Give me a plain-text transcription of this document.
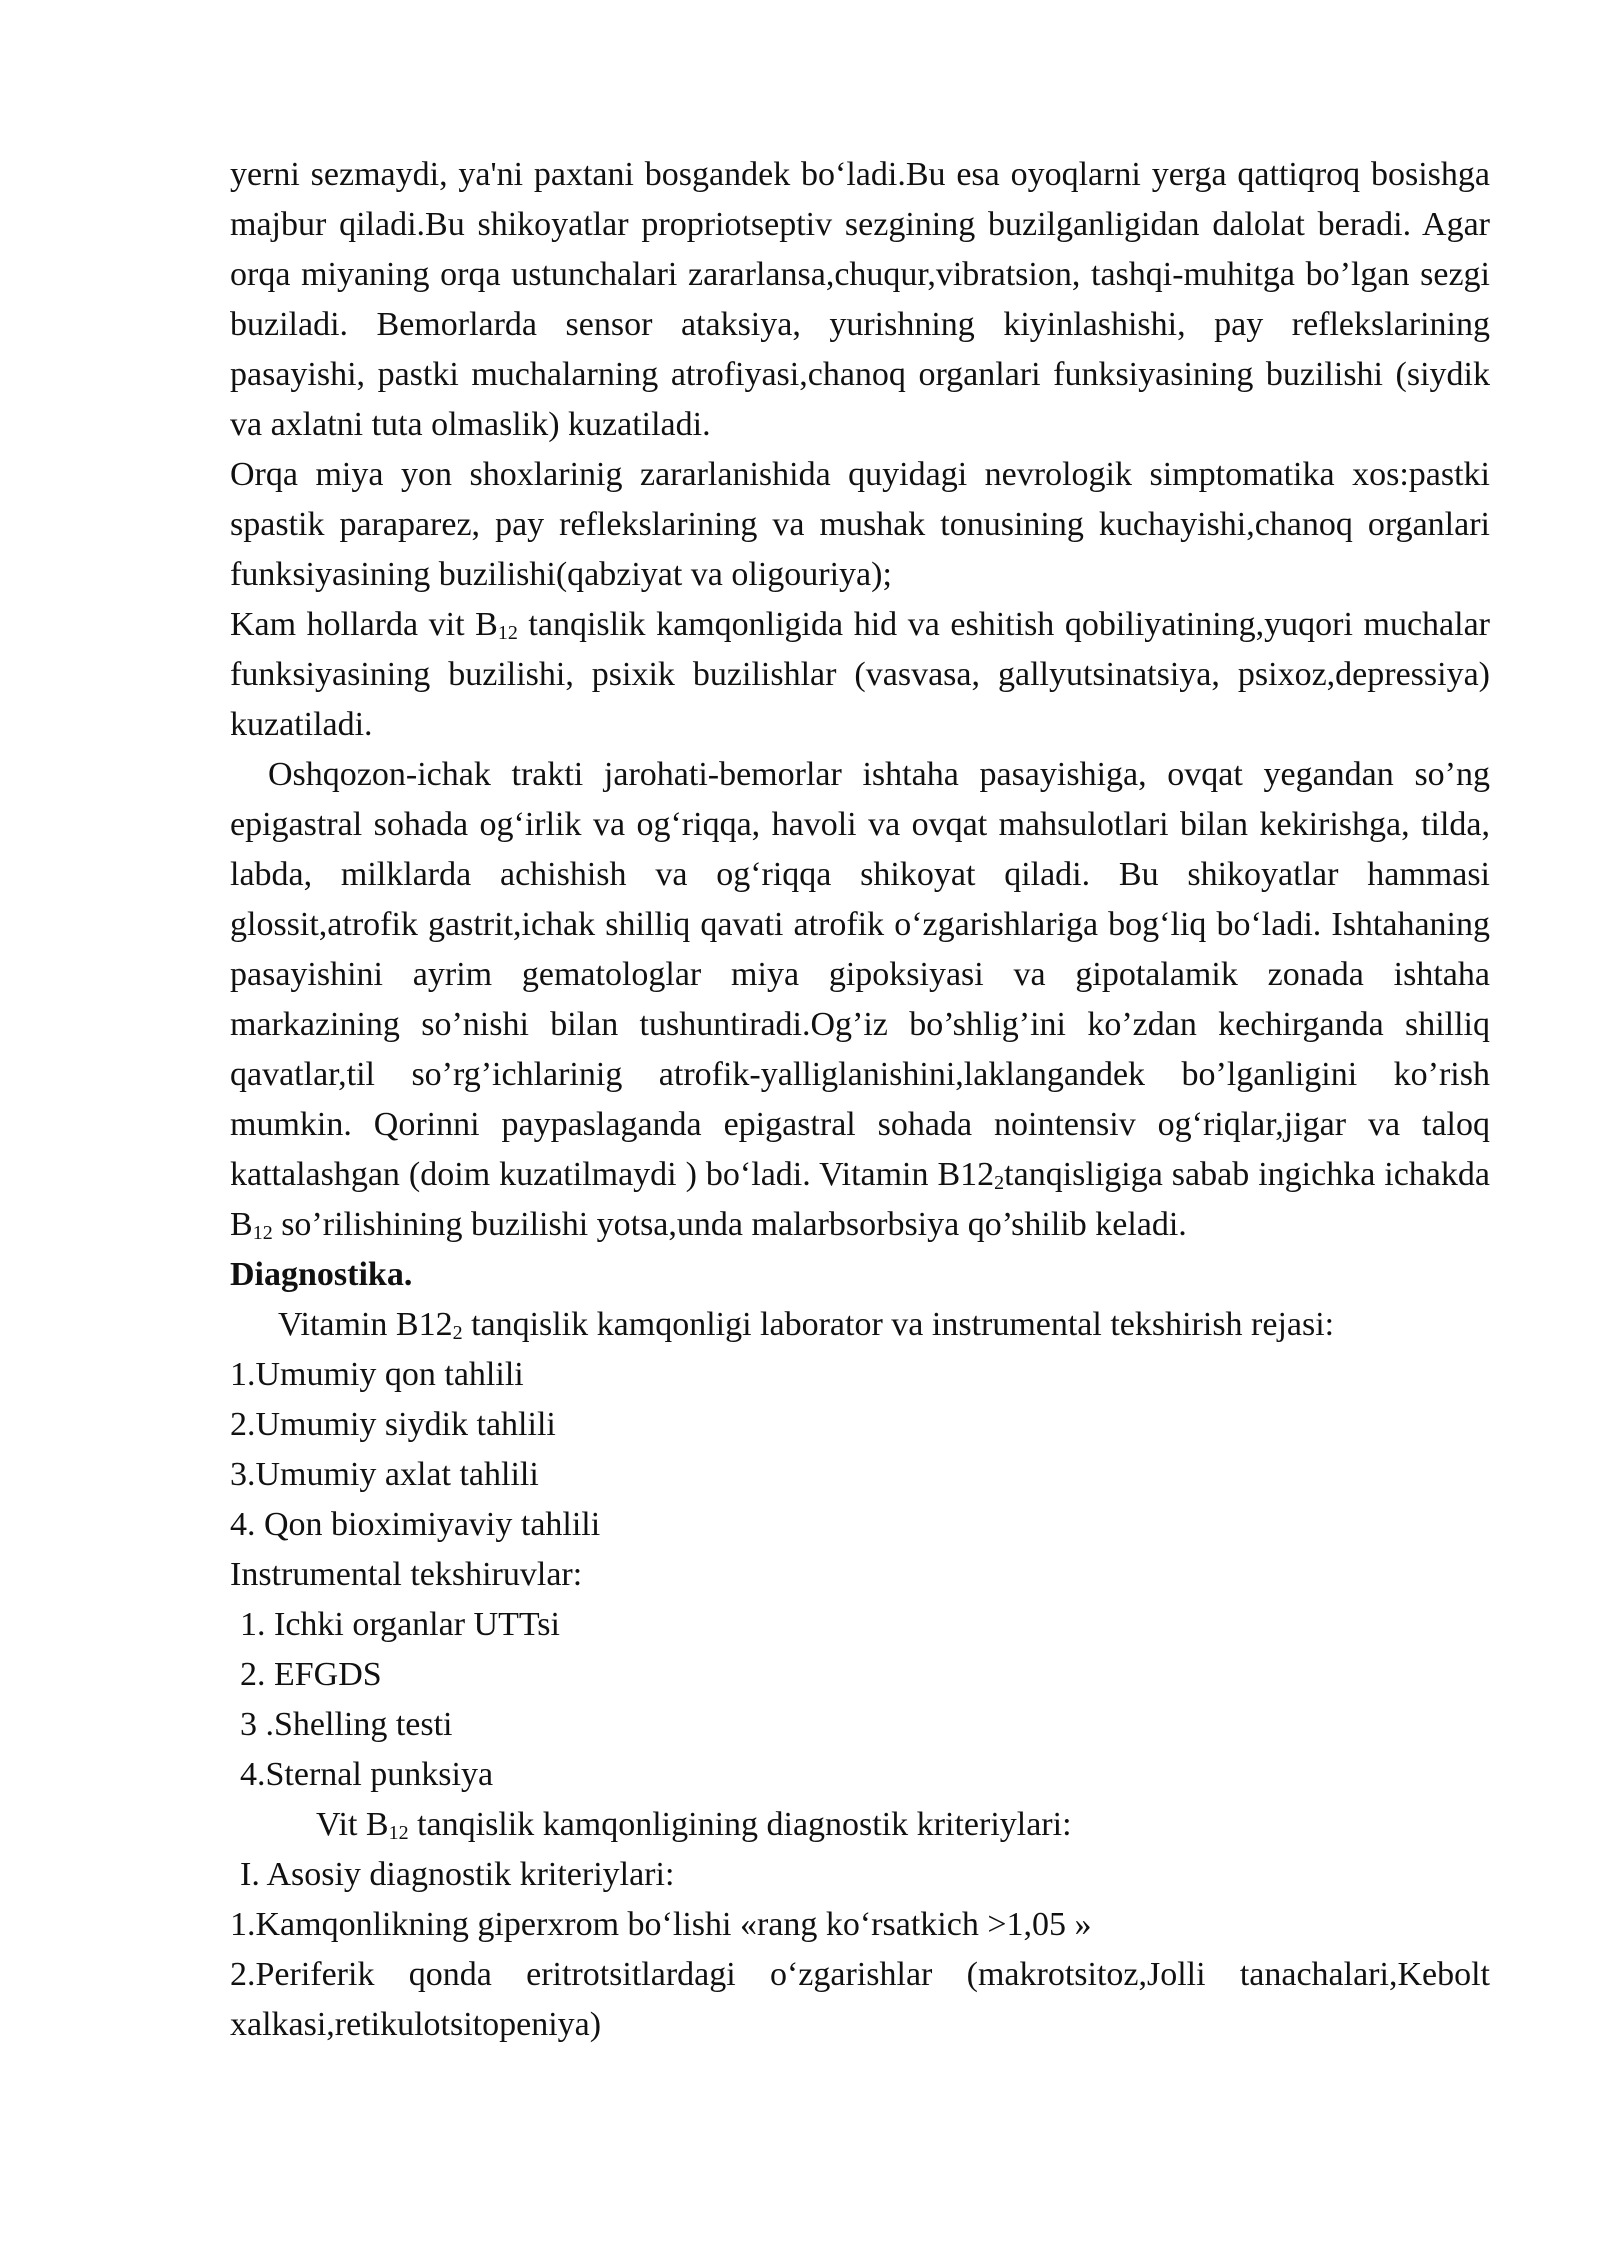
yerni sezmaydi, ya'ni paxtani bosgandek bo‘ladi.Bu esa oyoqlarni yerga qattiqroq bosishga majbur qiladi.Bu shikoyatlar propriotseptiv sezgining buzilganligidan dalolat beradi. Agar orqa miyaning orqa ustunchalari zararlansa,chuqur,vibratsion, tashqi-muhitga bo’lgan sezgi buziladi. Bemorlarda sensor ataksiya, yurishning kiyinlashishi, pay reflekslarining pasayishi, pastki muchalarning atrofiyasi,chanoq organlari funksiyasining buzilishi (siydik va axlatni tuta olmaslik) kuzatiladi.

Orqa miya yon shoxlarinig zararlanishida quyidagi nevrologik simptomatika xos:pastki spastik paraparez, pay reflekslarining va mushak tonusining kuchayishi,chanoq organlari funksiyasining buzilishi(qabziyat va oligouriya);

Kam hollarda vit $B_{12}$ tanqislik kamqonligida hid va eshitish qobiliyatining,yuqori muchalar funksiyasining buzilishi, psixik buzilishlar (vasvasa, gallyutsinatsiya, psixoz,depressiya) kuzatiladi.

Oshqozon-ichak trakti jarohati-bemorlar ishtaha pasayishiga, ovqat yegandan so’ng epigastral sohada og‘irlik va og‘riqqa, havoli va ovqat mahsulotlari bilan kekirishga, tilda, labda, milklarda achishish va og‘riqqa shikoyat qiladi. Bu shikoyatlar hammasi glossit,atrofik gastrit,ichak shilliq qavati atrofik o‘zgarishlariga bog‘liq bo‘ladi. Ishtahaning pasayishini ayrim gematologlar miya gipoksiyasi va gipotalamik zonada ishtaha markazining so’nishi bilan tushuntiradi.Og’iz bo’shlig’ini ko’zdan kechirganda shilliq qavatlar,til so’rg’ichlarinig atrofik-yalliglanishini,laklangandek bo’lganligini ko’rish mumkin. Qorinni paypaslaganda epigastral sohada nointensiv og‘riqlar,jigar va taloq kattalashgan (doim kuzatilmaydi ) bo‘ladi. Vitamin $B12_2tanqisligiga$ sabab ingichka ichakda $B_{12}$ so’rilishining buzilishi yotsa,unda malarbsorbsiya qo’shilib keladi.

Diagnostika.

Vitamin $B12_2$ tanqislik kamqonligi laborator va instrumental tekshirish rejasi:

1.Umumiy qon tahlili

2.Umumiy siydik tahlili

3.Umumiy axlat tahlili

4. Qon bioximiyaviy tahlili

Instrumental tekshiruvlar:

1. Ichki organlar UTTsi

2. EFGDS

3 .Shelling testi

4.Sternal punksiya

Vit $B_{12}$ tanqislik kamqonligining diagnostik kriteriylari:

I. Asosiy diagnostik kriteriylari:

1.Kamqonlikning giperxrom bo‘lishi «rang ko‘rsatkich >1,05 »

2.Periferik qonda eritrotsitlardagi o‘zgarishlar (makrotsitoz,Jolli tanachalari,Kebolt xalkasi,retikulotsitopeniya)
